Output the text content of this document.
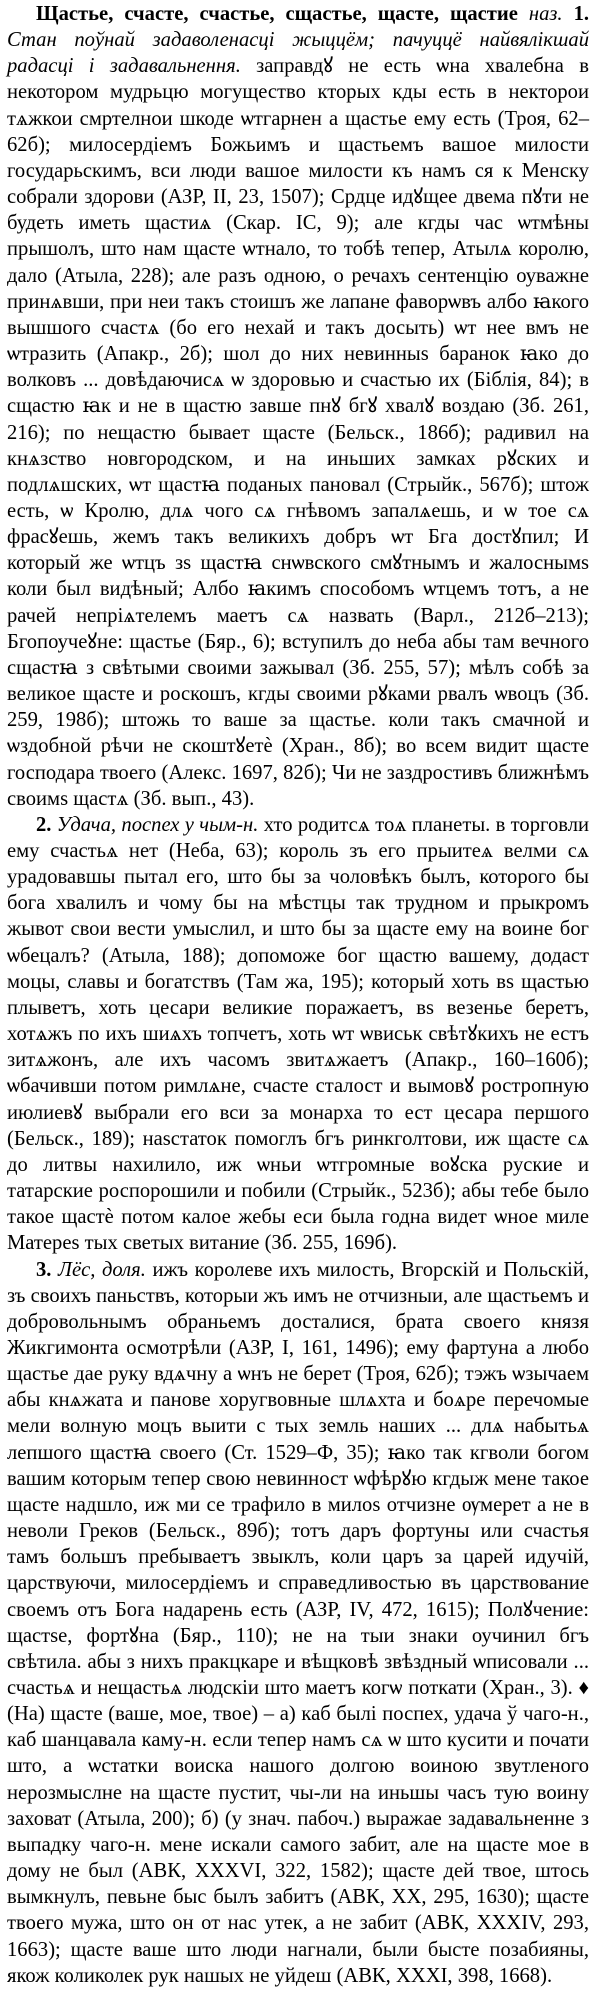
Щастье, счасте, счастье, сщастье, щасте, щастие наз. 1. Стан поўнай задаволенасці жыццём; пачуццё найвялікшай радасці і задавальнення. заправдꙋ не есть ѡна хвалебна в некотором мудрьцю могущество кторых кды есть в некторои тѧжкои смртелнои шкоде ѡтгарнен а щастье ему есть (Троя, 62–62б); милосердіемъ Божьимъ и щастьемъ вашое милости государьскимъ, вси люди вашое милости къ намъ ся к Менску собрали здорови (АЗР, II, 23, 1507); Срдце идꙋщее двема пꙋти не будеть иметь щастиѧ (Скар. IC, 9); але кгды час ѡтмѣны прышолъ, што нам щасте ѡтнало, то тобѣ тепер, Атылѧ королю, дало (Атыла, 228); але разъ одною, о речахъ сентенцію оуважне принѧвши, при неи такъ стоишъ же лапане фаворѡвъ албо ꙗкого вышшого счастѧ (бо его нехай и такъ досыть) ѡт нее вмъ не ѡтразить (Апакр., 2б); шол до них невинныѕ баранок ꙗко до волковъ ... довѣдаючисѧ ѡ здоровью и счастью их (Біблія, 84); в сщастю ꙗк и не в щастю завше пнꙋ бгꙋ хвалꙋ воздаю (Зб. 261, 216); пo нещастю бывает щасте (Бельск., 186б); радивил на кнѧзство новгородском, и на иньших замках рꙋских и подлѧшских, ѡт щастꙗ поданых пановал (Стрыйк., 567б); штож есть, ѡ Кролю, длѧ чого сѧ гнѣвомъ запалѧешь, и ѡ тое сѧ фрасꙋешь, жемъ такъ великихъ добръ ѡт Бга достꙋпил; И который же ѡтцъ зѕ щастꙗ снѡвского смꙋтнымъ и жалоснымѕ коли был видѣный; Албо ꙗкимъ способомъ ѡтцемъ тотъ, а не рачей непріѧтелемъ маетъ сѧ назвать (Варл., 212б–213); Бгопоучеꙋне: щастье (Бяр., 6); вступилъ до неба абы там вечного сщастꙗ з свѣтыми своими зажывал (Зб. 255, 57); мѣлъ собѣ за великое щасте и роскошъ, кгды своими рꙋками рвалъ ѡвоцъ (Зб. 259, 198б); штожь то ваше за щастье. коли такъ смачной и ѡздобной рѣчи не скоштꙋетѐ (Хран., 8б); во всем видит щасте господара твоего (Алекс. 1697, 82б); Чи не заздростивъ ближнѣмъ своимѕ щастѧ (Зб. вып., 43).

2. Удача, поспех у чым-н. хто родитсѧ тоѧ планеты. в торговли ему счастьѧ нет (Неба, 63); король зъ его прыитеѧ велми сѧ урадовавшы пытал его, што бы за чоловѣкъ былъ, которого бы бога хвалилъ и чому бы на мѣстцы так трудном и прыкромъ жывот свои вести умыслил, и што бы за щасте ему на воине бог ѡбецалъ? (Атыла, 188); допоможе бог щастю вашему, додаст моцы, славы и богатствъ (Там жа, 195); который хоть вѕ щастью плыветъ, хоть цесари великие поражаетъ, вѕ везенье беретъ, хотѧжъ по ихъ шиѧхъ топчетъ, хоть ѡт ѡвиськ свѣтꙋкихъ не естъ зитѧжонъ, але ихъ часомъ звитѧжаетъ (Апакр., 160–160б); ѡбачивши потом римлѧне, счасте сталост и вымовꙋ ростропную июлиевꙋ выбрали его вси за монарха то ест цесара першого (Бельск., 189); нaѕстаток помоглъ бгъ ринкголтови, иж щасте сѧ до литвы нахилило, иж ѡньи ѡтгромные воꙋска руские и татарские роспорошили и побили (Стрыйк., 523б); абы тебе было такое щастѐ пoтом калое жебы еси была годна видет ѡное миле Матереѕ тых светых витание (Зб. 255, 169б).

3. Лёс, доля. ижъ королеве ихъ милость, Вгорскій и Польскій, зъ своихъ паньствъ, которыи жъ имъ не отчизныи, але щастьемъ и добровольнымъ обраньемъ досталися, брата своего князя Жикгимонта осмотрѣли (АЗР, I, 161, 1496); ему фартуна а любо щастье дае руку вдѧчну а ѡнъ не берет (Троя, 62б); тэжъ ѡзычаем абы кнѧжата и панове хоругвовные шлѧхта и боѧре перечомые мели волную моцъ выити с тых земль наших ... длѧ набытьѧ лепшого щастꙗ своего (Ст. 1529–Ф, 35); ꙗко так кгволи богом вашим которым тепер свою невинност ѡфѣрꙋю кгдыж мене такое щасте надшло, иж ми се трафило в милоѕ отчизне ѹмерет а не в неволи Греков (Бельск., 89б); тотъ даръ фортуны или счастья тамъ большъ пребываетъ звыклъ, коли царъ за царей идучій, царствуючи, милосердіемъ и справедливостью въ царствование своемъ отъ Бога надарень есть (АЗР, IV, 472, 1615); Полꙋчение: щастѕе, фортꙋна (Бяр., 110); не на тыи знаки оучинил бгъ свѣтила. абы з нихъ пракцкаре и вѣщковѣ звѣздный ѡписовали ... счастьѧ и нещастьѧ людскіи што маетъ когѡ поткати (Хран., 3). ♦ (На) щасте (ваше, мое, твое) – а) каб былі поспех, удача ў чаго-н., каб шанцавала каму-н. если тепер намъ сѧ ѡ што кусити и почати што, а ѡстатки воиска нашого долгою воиною звутленого нерозмыслне на щасте пустит, чы-ли на иньшы часъ тую воину заховат (Атыла, 200); б) (у знач. пабоч.) выражае задавальненне з выпадку чаго-н. мене искали самого забит, але на щасте мое в дому не был (АВК, XXXVI, 322, 1582); щасте дей твое, штось вымкнулъ, певьне быс былъ забитъ (АВК, XX, 295, 1630); щасте твоего мужа, што он от нас утек, а не забит (АВК, XXXIV, 293, 1663); щасте ваше што люди нагнали, были бысте позабияны, якож коликолек рук нашых не уйдеш (АВК, XXXI, 398, 1668).
